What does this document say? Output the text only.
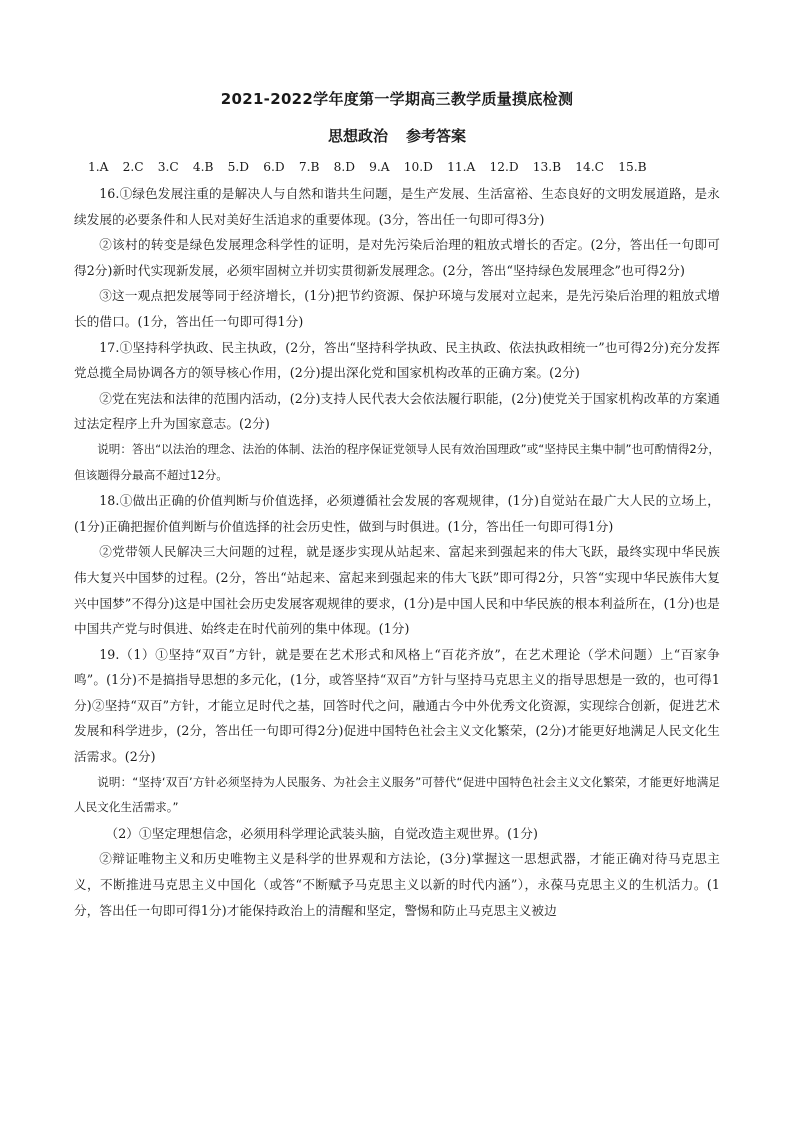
2021-2022学年度第一学期高三教学质量摸底检测
思想政治 参考答案
1.A 2.C 3.C 4.B 5.D 6.D 7.B 8.D 9.A 10.D 11.A 12.D 13.B 14.C 15.B

16.①绿色发展注重的是解决人与自然和谐共生问题，是生产发展、生活富裕、生态良好的文明发展道路，是永续发展的必要条件和人民对美好生活追求的重要体现。(3分，答出任一句即可得3分)

②该村的转变是绿色发展理念科学性的证明，是对先污染后治理的粗放式增长的否定。(2分，答出任一句即可得2分)新时代实现新发展，必须牢固树立并切实贯彻新发展理念。(2分，答出“坚持绿色发展理念”也可得2分)

③这一观点把发展等同于经济增长，(1分)把节约资源、保护环境与发展对立起来，是先污染后治理的粗放式增长的借口。(1分，答出任一句即可得1分)

17.①坚持科学执政、民主执政，(2分，答出“坚持科学执政、民主执政、依法执政相统一”也可得2分)充分发挥党总揽全局协调各方的领导核心作用，(2分)提出深化党和国家机构改革的正确方案。(2分)

②党在宪法和法律的范围内活动，(2分)支持人民代表大会依法履行职能，(2分)使党关于国家机构改革的方案通过法定程序上升为国家意志。(2分)

说明：答出“以法治的理念、法治的体制、法治的程序保证党领导人民有效治国理政”或“坚持民主集中制”也可酌情得2分，但该题得分最高不超过12分。

18.①做出正确的价值判断与价值选择，必须遵循社会发展的客观规律，(1分)自觉站在最广大人民的立场上，(1分)正确把握价值判断与价值选择的社会历史性，做到与时俱进。(1分，答出任一句即可得1分)

②党带领人民解决三大问题的过程，就是逐步实现从站起来、富起来到强起来的伟大飞跃，最终实现中华民族伟大复兴中国梦的过程。(2分，答出“站起来、富起来到强起来的伟大飞跃”即可得2分，只答“实现中华民族伟大复兴中国梦”不得分)这是中国社会历史发展客观规律的要求，(1分)是中国人民和中华民族的根本利益所在，(1分)也是中国共产党与时俱进、始终走在时代前列的集中体现。(1分)

19.（1）①坚持“双百”方针，就是要在艺术形式和风格上“百花齐放”，在艺术理论（学术问题）上“百家争鸣”。(1分)不是搞指导思想的多元化，(1分，或答坚持“双百”方针与坚持马克思主义的指导思想是一致的，也可得1分)②坚持“双百”方针，才能立足时代之基，回答时代之问，融通古今中外优秀文化资源，实现综合创新，促进艺术发展和科学进步，(2分，答出任一句即可得2分)促进中国特色社会主义文化繁荣，(2分)才能更好地满足人民文化生活需求。(2分)

说明：“坚持‘双百’方针必须坚持为人民服务、为社会主义服务”可替代“促进中国特色社会主义文化繁荣，才能更好地满足人民文化生活需求。”

（2）①坚定理想信念，必须用科学理论武装头脑，自觉改造主观世界。(1分)

②辩证唯物主义和历史唯物主义是科学的世界观和方法论，(3分)掌握这一思想武器，才能正确对待马克思主义，不断推进马克思主义中国化（或答“不断赋予马克思主义以新的时代内涵”），永葆马克思主义的生机活力。(1分，答出任一句即可得1分)才能保持政治上的清醒和坚定，警惕和防止马克思主义被边
